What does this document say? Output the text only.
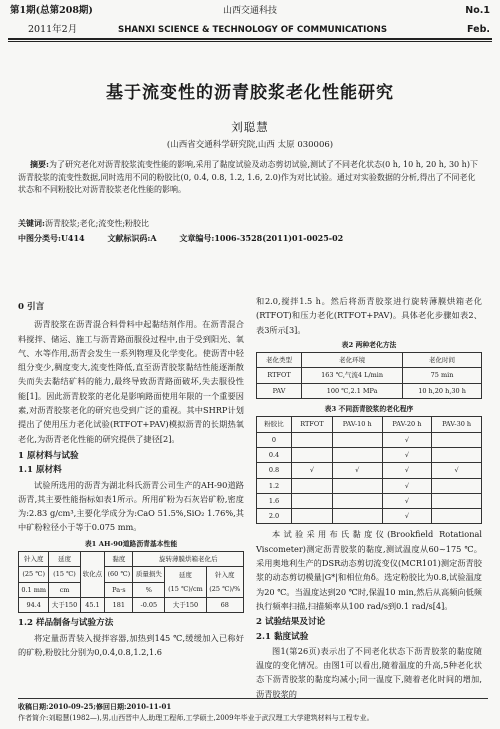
第1期(总第208期)	山西交通科技	No.1
2011年2月	SHANXI SCIENCE & TECHNOLOGY OF COMMUNICATIONS	Feb.
基于流变性的沥青胶浆老化性能研究
刘聪慧
(山西省交通科学研究院,山西 太原 030006)
摘要:为了研究老化对沥青胶浆流变性能的影响,采用了黏度试验及动态剪切试验,测试了不同老化状态(0 h, 10 h, 20 h, 30 h)下沥青胶浆的流变性数据,同时选用不同的粉胶比(0, 0.4, 0.8, 1.2, 1.6, 2.0)作为对比试验。通过对实验数据的分析,得出了不同老化状态和不同粉胶比对沥青胶浆老化性能的影响。
关键词:沥青胶浆;老化;流变性;粉胶比
中图分类号:U414	文献标识码:A	文章编号:1006-3528(2011)01-0025-02
0 引言

沥青胶浆在沥青混合料骨料中起黏结剂作用。在沥青混合料搅拌、储运、施工与沥青路面服役过程中,由于受到阳光、氧气、水等作用,沥青会发生一系列物理及化学变化。使沥青中轻组分变少,稠度变大,流变性降低,直至沥青胶浆黏结性能逐渐散失而失去黏结矿料的能力,最终导致沥青路面破坏,失去服役性能[1]。因此沥青胶浆的老化是影响路面使用年限的一个重要因素,对沥青胶浆老化的研究也受到广泛的重视。其中SHRP计划提出了使用压力老化试验(RTFOT+PAV)模拟沥青的长期热氧老化,为沥青老化性能的研究提供了捷径[2]。

1 原材料与试验
1.1 原材料

试验所选用的沥青为湖北科氏沥青公司生产的AH-90道路沥青,其主要性能指标如表1所示。所用矿粉为石灰岩矿粉,密度为:2.83 g/cm³,主要化学成分为:CaO 51.5%,SiO₂ 1.76%,其中矿粉粒径小于等于0.075 mm。

表1 AH-90道路沥青基本性能
针入度	延度	软化点	黏度	旋转薄膜烘箱老化后		
(25 ℃)	(15 ℃)		(60 ℃)	质量损失	延度
(15 ℃)/cm	针入度
(25 ℃)/%
0.1 mm	cm		Pa·s	%		
94.4	大于150	45.1	181	-0.05	大于150	68
1.2 样品制备与试验方法

将定量沥青装入搅拌容器,加热到145 ℃,缓缓加入已称好的矿粉,粉胶比分别为0,0.4,0.8,1.2,1.6

和2.0,搅拌1.5 h。然后将沥青胶浆进行旋转薄膜烘箱老化(RTFOT)和压力老化(RTFOT+PAV)。具体老化步骤如表2、表3所示[3]。

表2 两种老化方法
老化类型	老化环境	老化时间
RTFOT	163 ℃,气流4 L/min	75 min
PAV	100 ℃,2.1 MPa	10 h,20 h,30 h
表3 不同沥青胶浆的老化程序
粉胶比	RTFOT	PAV-10 h	PAV-20 h	PAV-30 h
0			√	
0.4			√	
0.8	√	√	√	√
1.2			√	
1.6			√	
2.0			√	

本试验采用布氏黏度仪(Brookfield Rotational Viscometer)测定沥青胶浆的黏度,测试温度从60~175 ℃。采用奥地利生产的DSR动态剪切流变仪(MCR101)测定沥青胶浆的动态剪切模量|G*|和相位角δ。选定粉胶比为0.8,试验温度为20 ℃。当温度达到20 ℃时,保温10 min,然后从高频向低频执行频率扫描,扫描频率从100 rad/s到0.1 rad/s[4]。

2 试验结果及讨论
2.1 黏度试验

图1(第26页)表示出了不同老化状态下沥青胶浆的黏度随温度的变化情况。由图1可以看出,随着温度的升高,5种老化状态下沥青胶浆的黏度均减小;同一温度下,随着老化时间的增加,沥青胶浆的

收稿日期:2010-09-25;修回日期:2010-11-01
作者简介:刘聪慧(1982—),男,山西晋中人,助理工程师,工学硕士,2009年毕业于武汉理工大学建筑材料与工程专业。
